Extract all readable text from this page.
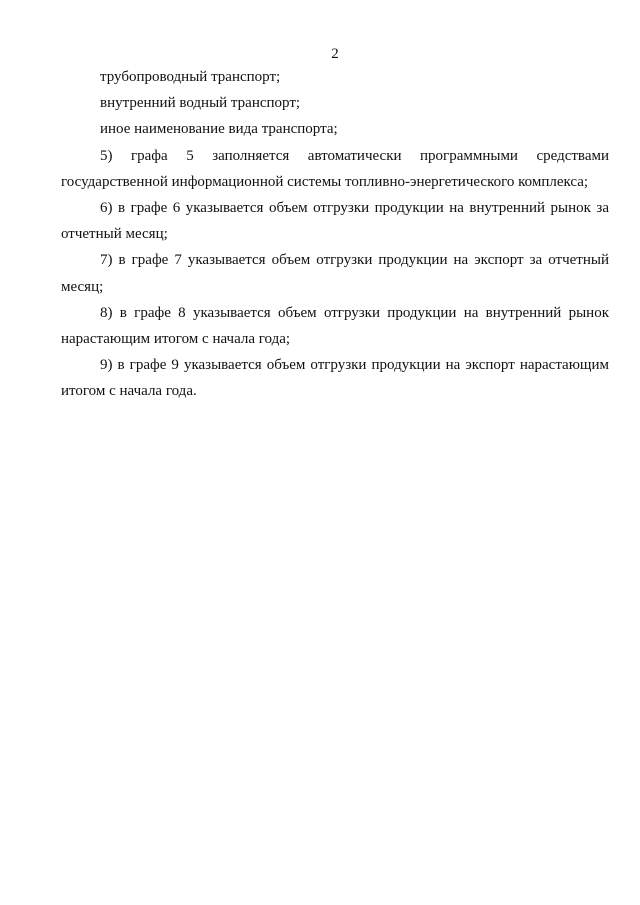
2

трубопроводный транспорт;

внутренний водный транспорт;

иное наименование вида транспорта;

5) графа 5 заполняется автоматически программными средствами государственной информационной системы топливно-энергетического комплекса;

6) в графе 6 указывается объем отгрузки продукции на внутренний рынок за отчетный месяц;

7) в графе 7 указывается объем отгрузки продукции на экспорт за отчетный месяц;

8) в графе 8 указывается объем отгрузки продукции на внутренний рынок нарастающим итогом с начала года;

9) в графе 9 указывается объем отгрузки продукции на экспорт нарастающим итогом с начала года.
